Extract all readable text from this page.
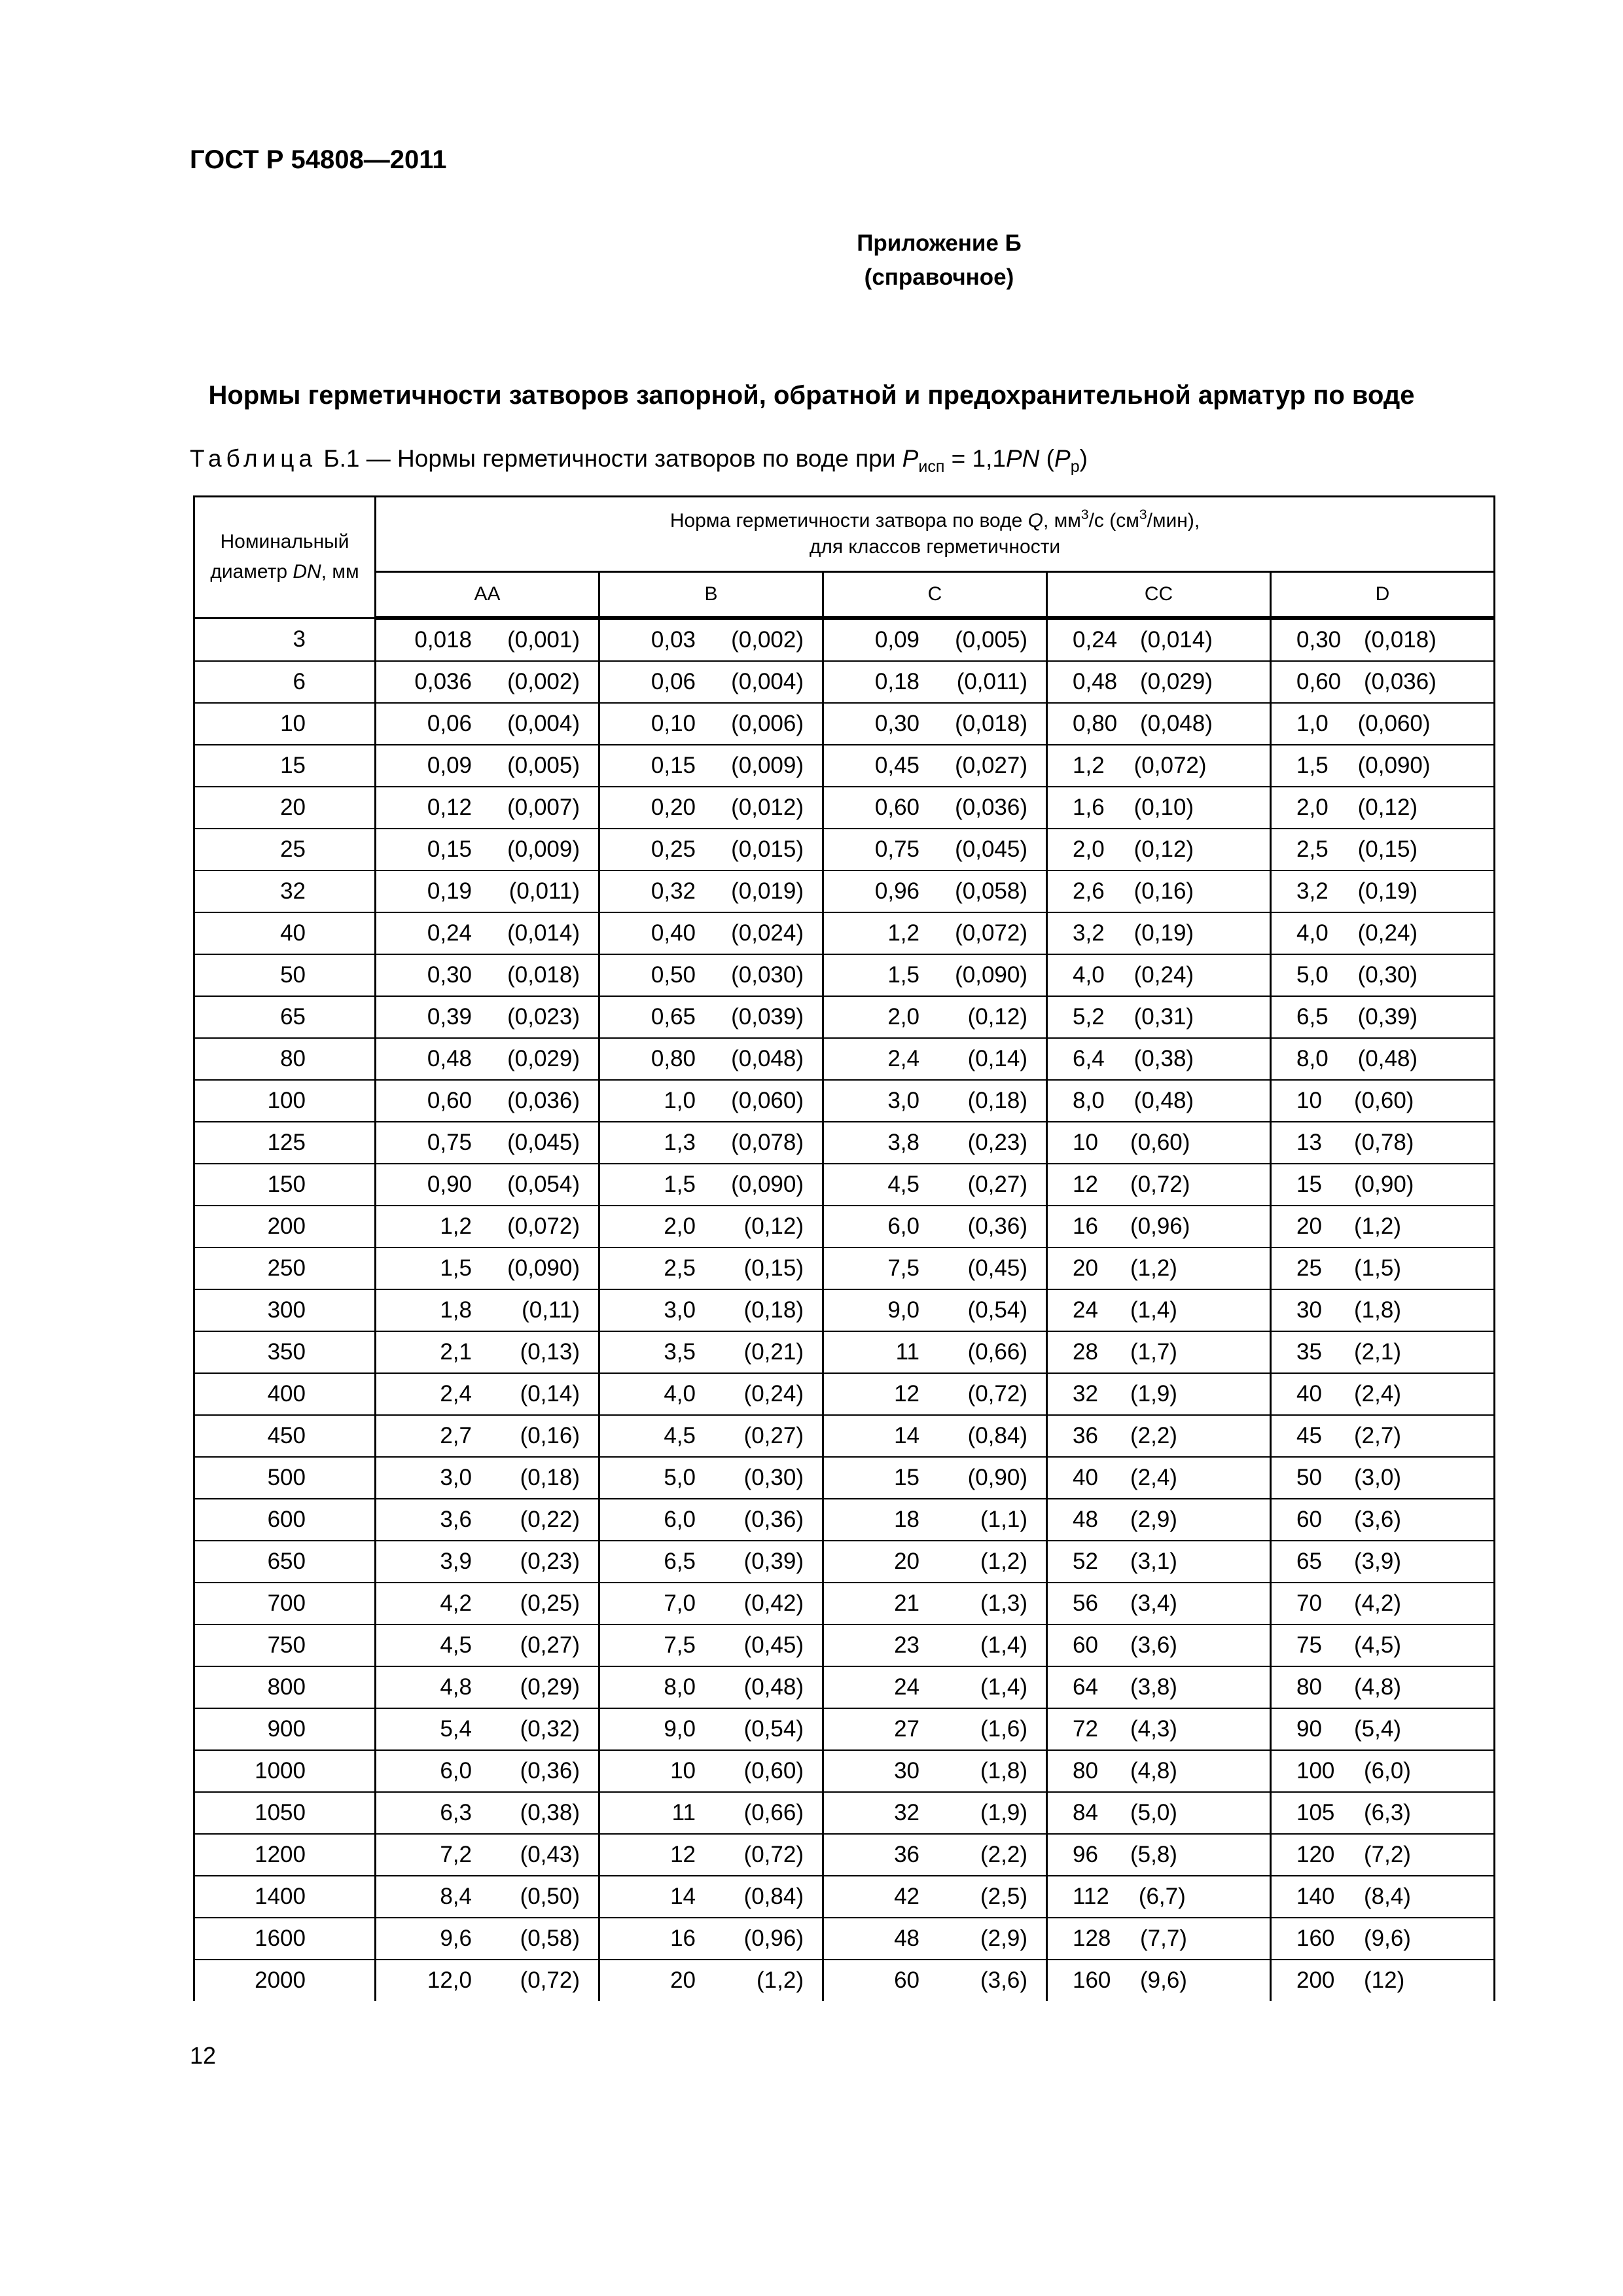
ГОСТ Р 54808—2011

Приложение Б
(справочное)

Нормы герметичности затворов запорной, обратной и предохранительной арматур по воде

Таблица Б.1 — Нормы герметичности затворов по воде при $P_{исп} = 1,1PN$ $(P_р)$

Номинальный
диаметр DN, мм	Норма герметичности затвора по воде Q, $мм^3/с$ $(см^3/мин)$,
для классов герметичности				
	АА	В	С	СС	D
3	0,018 (0,001)	0,03 (0,002)	0,09 (0,005)	0,24 (0,014)	0,30 (0,018)

6	0,036 (0,002)	0,06 (0,004)	0,18 (0,011)	0,48 (0,029)	0,60 (0,036)

10	0,06 (0,004)	0,10 (0,006)	0,30 (0,018)	0,80 (0,048)	1,0 (0,060)

15	0,09 (0,005)	0,15 (0,009)	0,45 (0,027)	1,2 (0,072)	1,5 (0,090)

20	0,12 (0,007)	0,20 (0,012)	0,60 (0,036)	1,6 (0,10)	2,0 (0,12)

25	0,15 (0,009)	0,25 (0,015)	0,75 (0,045)	2,0 (0,12)	2,5 (0,15)

32	0,19 (0,011)	0,32 (0,019)	0,96 (0,058)	2,6 (0,16)	3,2 (0,19)

40	0,24 (0,014)	0,40 (0,024)	1,2 (0,072)	3,2 (0,19)	4,0 (0,24)

50	0,30 (0,018)	0,50 (0,030)	1,5 (0,090)	4,0 (0,24)	5,0 (0,30)

65	0,39 (0,023)	0,65 (0,039)	2,0 (0,12)	5,2 (0,31)	6,5 (0,39)

80	0,48 (0,029)	0,80 (0,048)	2,4 (0,14)	6,4 (0,38)	8,0 (0,48)

100	0,60 (0,036)	1,0 (0,060)	3,0 (0,18)	8,0 (0,48)	10 (0,60)

125	0,75 (0,045)	1,3 (0,078)	3,8 (0,23)	10 (0,60)	13 (0,78)

150	0,90 (0,054)	1,5 (0,090)	4,5 (0,27)	12 (0,72)	15 (0,90)

200	1,2 (0,072)	2,0 (0,12)	6,0 (0,36)	16 (0,96)	20 (1,2)

250	1,5 (0,090)	2,5 (0,15)	7,5 (0,45)	20 (1,2)	25 (1,5)

300	1,8 (0,11)	3,0 (0,18)	9,0 (0,54)	24 (1,4)	30 (1,8)

350	2,1 (0,13)	3,5 (0,21)	11 (0,66)	28 (1,7)	35 (2,1)

400	2,4 (0,14)	4,0 (0,24)	12 (0,72)	32 (1,9)	40 (2,4)

450	2,7 (0,16)	4,5 (0,27)	14 (0,84)	36 (2,2)	45 (2,7)

500	3,0 (0,18)	5,0 (0,30)	15 (0,90)	40 (2,4)	50 (3,0)

600	3,6 (0,22)	6,0 (0,36)	18 (1,1)	48 (2,9)	60 (3,6)

650	3,9 (0,23)	6,5 (0,39)	20 (1,2)	52 (3,1)	65 (3,9)

700	4,2 (0,25)	7,0 (0,42)	21 (1,3)	56 (3,4)	70 (4,2)

750	4,5 (0,27)	7,5 (0,45)	23 (1,4)	60 (3,6)	75 (4,5)

800	4,8 (0,29)	8,0 (0,48)	24 (1,4)	64 (3,8)	80 (4,8)

900	5,4 (0,32)	9,0 (0,54)	27 (1,6)	72 (4,3)	90 (5,4)

1000	6,0 (0,36)	10 (0,60)	30 (1,8)	80 (4,8)	100 (6,0)

1050	6,3 (0,38)	11 (0,66)	32 (1,9)	84 (5,0)	105 (6,3)

1200	7,2 (0,43)	12 (0,72)	36 (2,2)	96 (5,8)	120 (7,2)

1400	8,4 (0,50)	14 (0,84)	42 (2,5)	112 (6,7)	140 (8,4)

1600	9,6 (0,58)	16 (0,96)	48 (2,9)	128 (7,7)	160 (9,6)

2000	12,0 (0,72)	20 (1,2)	60 (3,6)	160 (9,6)	200 (12)

12
